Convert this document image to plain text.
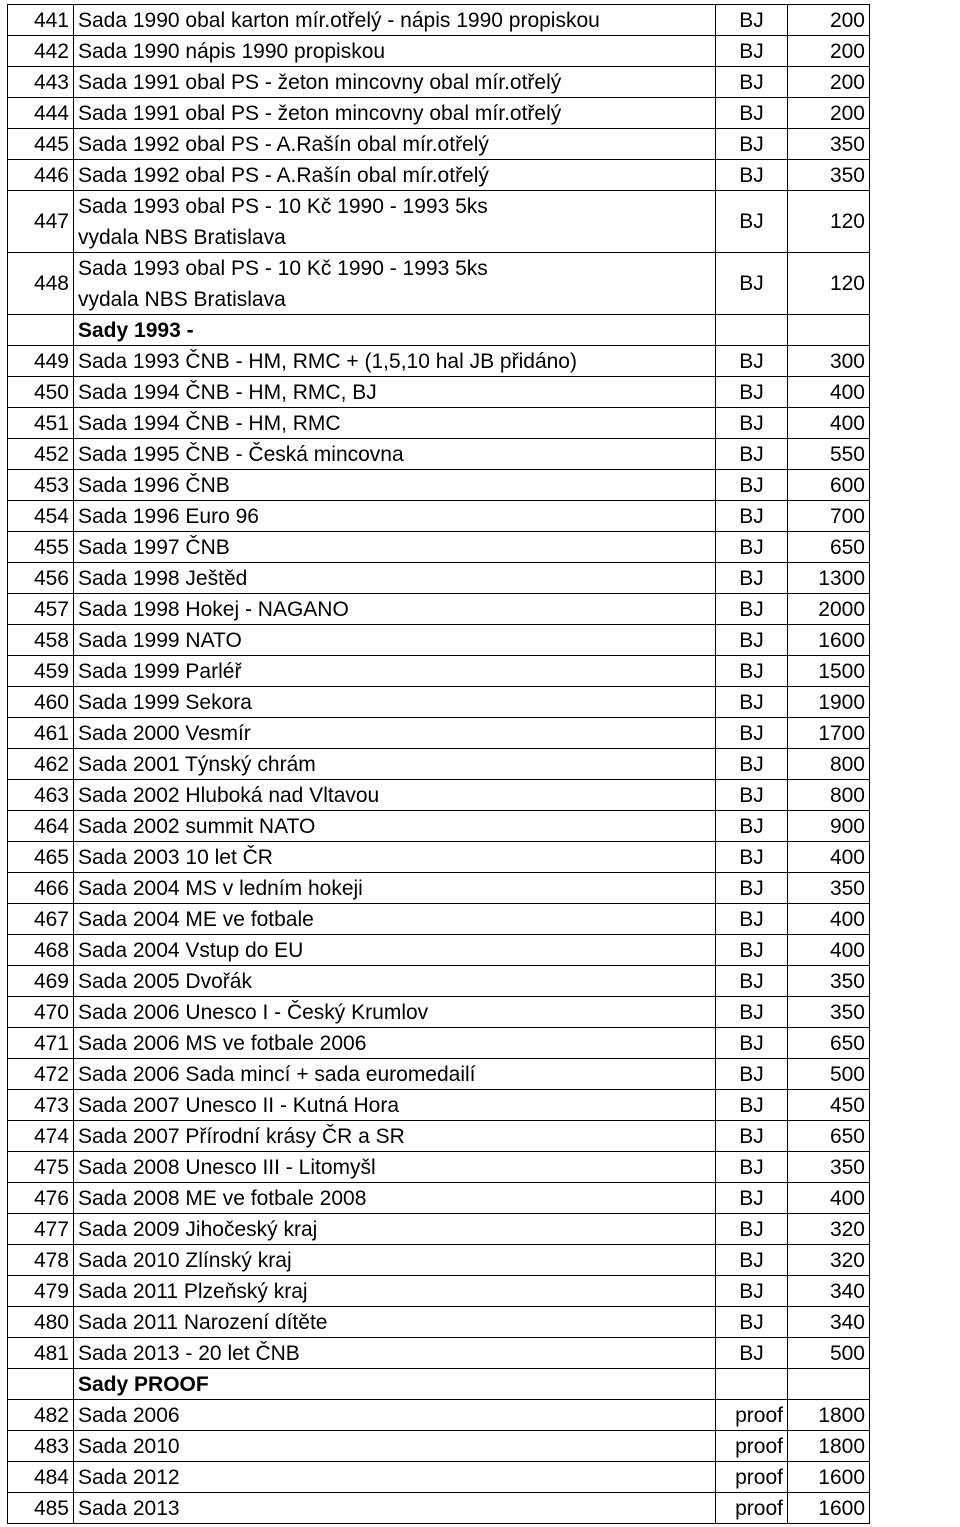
441	Sada 1990 obal karton mír.otřelý - nápis 1990 propiskou	BJ	200
442	Sada 1990 nápis 1990 propiskou	BJ	200
443	Sada 1991 obal PS - žeton mincovny obal mír.otřelý	BJ	200
444	Sada 1991 obal PS - žeton mincovny obal mír.otřelý	BJ	200
445	Sada 1992 obal PS - A.Rašín obal mír.otřelý	BJ	350
446	Sada 1992 obal PS - A.Rašín obal mír.otřelý	BJ	350
447	Sada 1993 obal PS - 10 Kč 1990 - 1993 5ks
vydala NBS Bratislava	BJ	120
448	Sada 1993 obal PS - 10 Kč 1990 - 1993 5ks
vydala NBS Bratislava	BJ	120
	Sady 1993 -		
449	Sada 1993 ČNB - HM, RMC + (1,5,10 hal JB přidáno)	BJ	300
450	Sada 1994 ČNB - HM, RMC, BJ	BJ	400
451	Sada 1994 ČNB - HM, RMC	BJ	400
452	Sada 1995 ČNB - Česká mincovna	BJ	550
453	Sada 1996 ČNB	BJ	600
454	Sada 1996 Euro 96	BJ	700
455	Sada 1997 ČNB	BJ	650
456	Sada 1998 Ještěd	BJ	1300
457	Sada 1998 Hokej - NAGANO	BJ	2000
458	Sada 1999 NATO	BJ	1600
459	Sada 1999 Parléř	BJ	1500
460	Sada 1999 Sekora	BJ	1900
461	Sada 2000 Vesmír	BJ	1700
462	Sada 2001 Týnský chrám	BJ	800
463	Sada 2002 Hluboká nad Vltavou	BJ	800
464	Sada 2002 summit NATO	BJ	900
465	Sada 2003 10 let ČR	BJ	400
466	Sada 2004 MS v ledním hokeji	BJ	350
467	Sada 2004 ME ve fotbale	BJ	400
468	Sada 2004 Vstup do EU	BJ	400
469	Sada 2005 Dvořák	BJ	350
470	Sada 2006 Unesco I - Český Krumlov	BJ	350
471	Sada 2006 MS ve fotbale 2006	BJ	650
472	Sada 2006 Sada mincí + sada euromedailí	BJ	500
473	Sada 2007 Unesco II - Kutná Hora	BJ	450
474	Sada 2007 Přírodní krásy ČR a SR	BJ	650
475	Sada 2008 Unesco III - Litomyšl	BJ	350
476	Sada 2008 ME ve fotbale 2008	BJ	400
477	Sada 2009 Jihočeský kraj	BJ	320
478	Sada 2010 Zlínský kraj	BJ	320
479	Sada 2011 Plzeňský kraj	BJ	340
480	Sada 2011 Narození dítěte	BJ	340
481	Sada 2013 - 20 let ČNB	BJ	500
	Sady PROOF		
482	Sada 2006	proof	1800
483	Sada 2010	proof	1800
484	Sada 2012	proof	1600
485	Sada 2013	proof	1600
